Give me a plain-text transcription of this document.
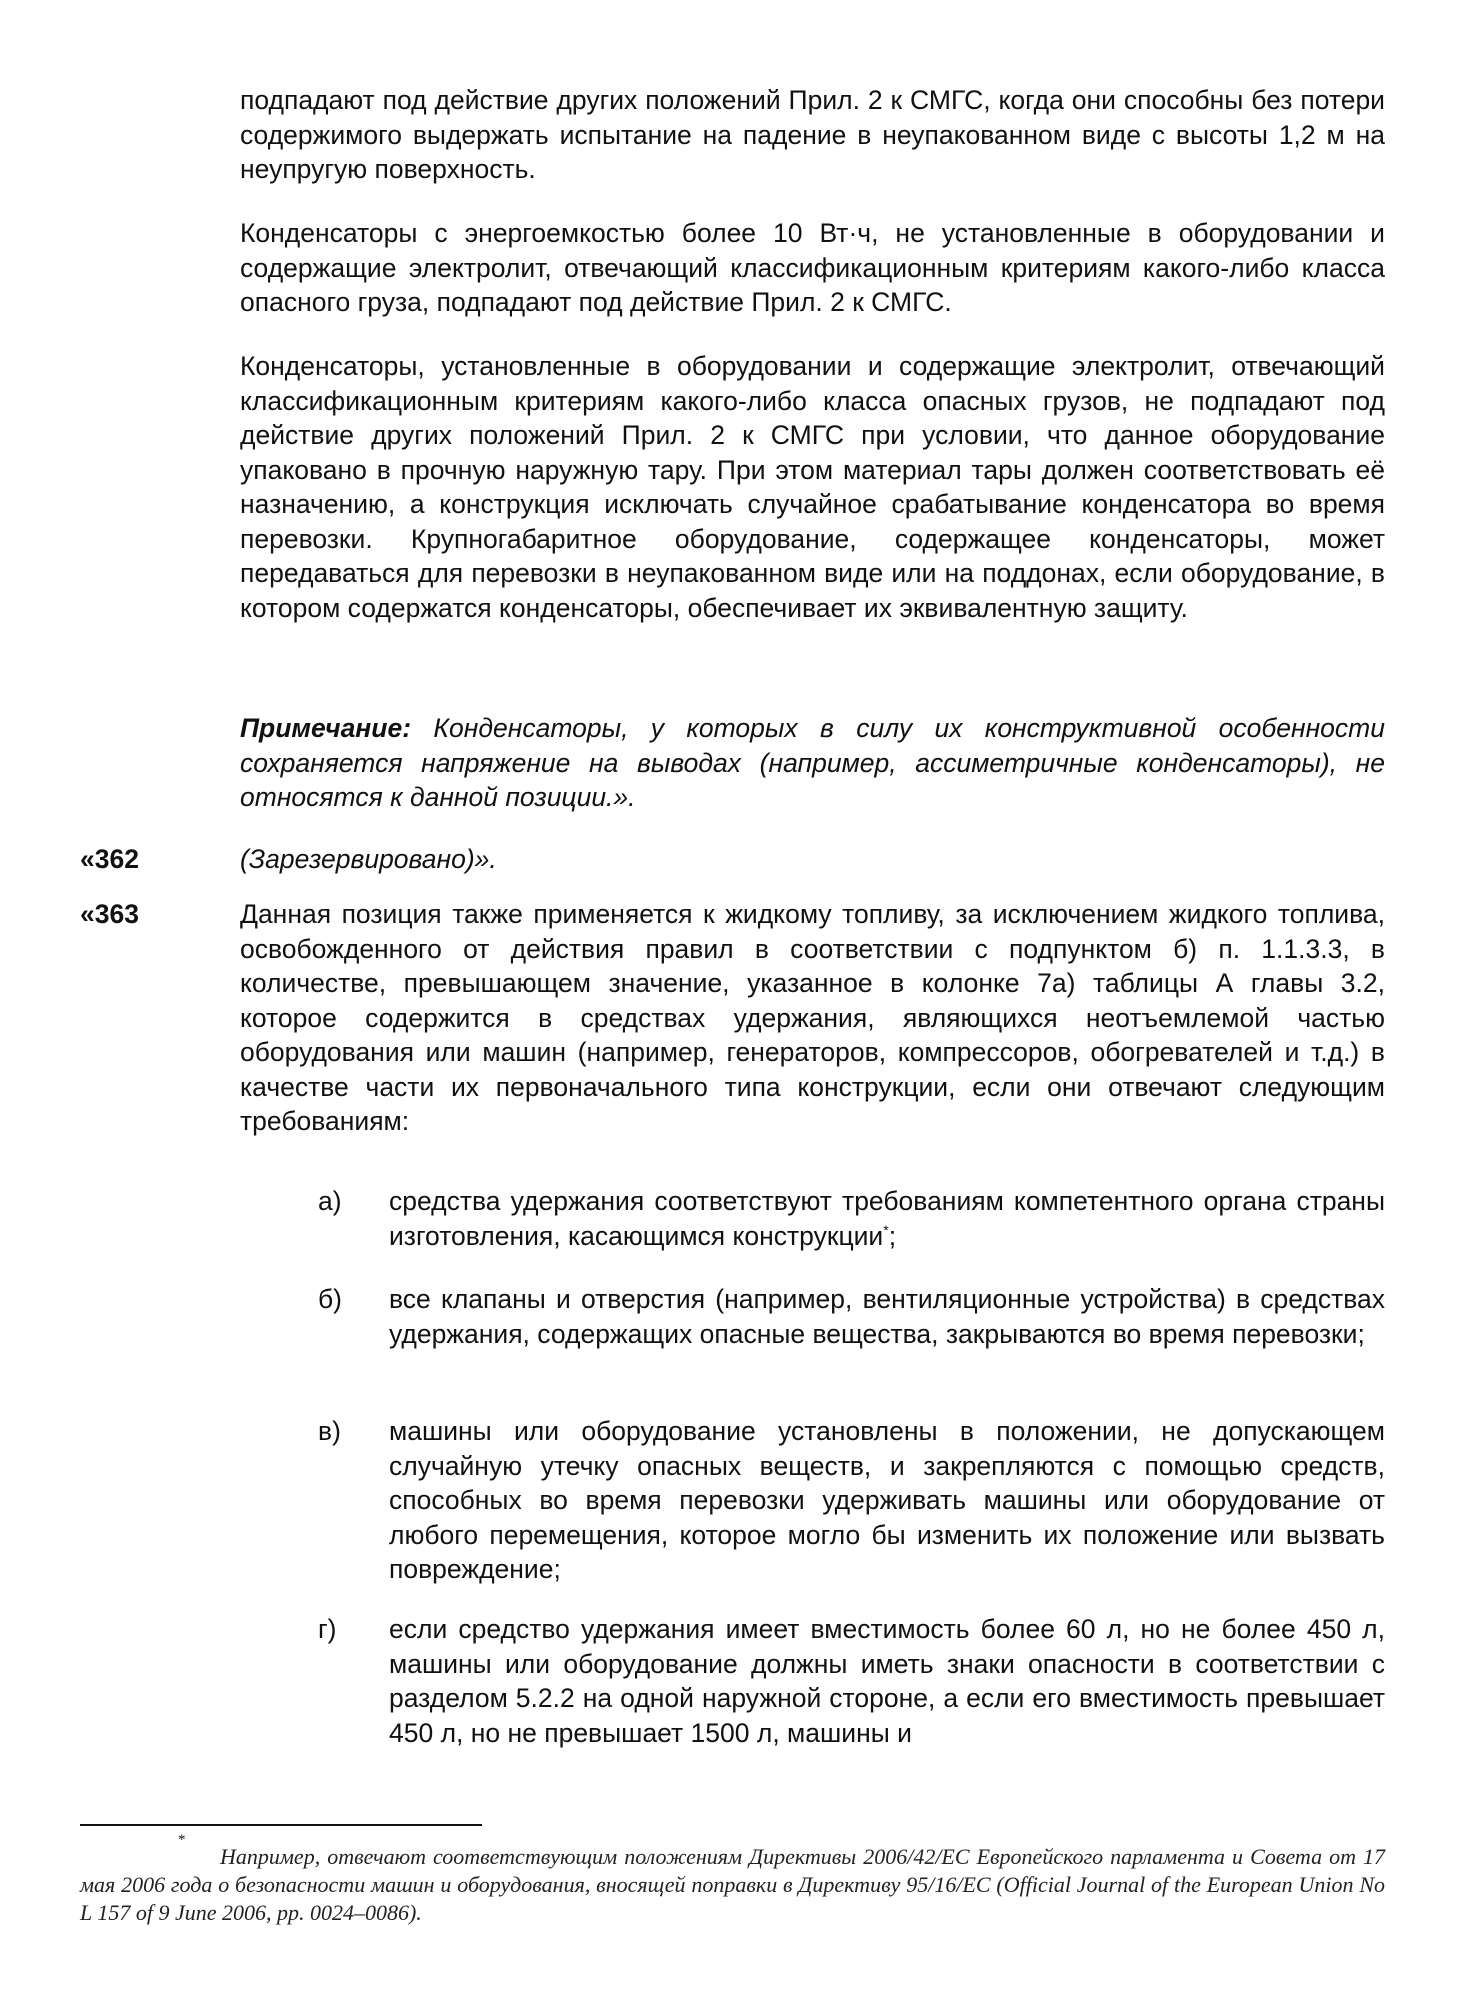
подпадают под действие других положений Прил. 2 к СМГС, когда они способны без потери содержимого выдержать испытание на падение в неупакованном виде с высоты 1,2 м на неупругую поверхность.

Конденсаторы с энергоемкостью более 10 Вт·ч, не установленные в оборудовании и содержащие электролит, отвечающий классификационным критериям какого-либо класса опасного груза, подпадают под действие Прил. 2 к СМГС.

Конденсаторы, установленные в оборудовании и содержащие электролит, отвечающий классификационным критериям какого-либо класса опасных грузов, не подпадают под действие других положений Прил. 2 к СМГС при условии, что данное оборудование упаковано в прочную наружную тару. При этом материал тары должен соответствовать её назначению, а конструкция исключать случайное срабатывание конденсатора во время перевозки. Крупногабаритное оборудование, содержащее конденсаторы, может передаваться для перевозки в неупакованном виде или на поддонах, если оборудование, в котором содержатся конденсаторы, обеспечивает их эквивалентную защиту.

Примечание: Конденсаторы, у которых в силу их конструктивной особенности сохраняется напряжение на выводах (например, ассиметричные конденсаторы), не относятся к данной позиции.».

«362	(Зарезервировано)».

«363	Данная позиция также применяется к жидкому топливу, за исключением жидкого топлива, освобожденного от действия правил в соответствии с подпунктом б) п. 1.1.3.3, в количестве, превышающем значение, указанное в колонке 7а) таблицы А главы 3.2, которое содержится в средствах удержания, являющихся неотъемлемой частью оборудования или машин (например, генераторов, компрессоров, обогревателей и т.д.) в качестве части их первоначального типа конструкции, если они отвечают следующим требованиям:

а) средства удержания соответствуют требованиям компетентного органа страны изготовления, касающимся конструкции*;

б) все клапаны и отверстия (например, вентиляционные устройства) в средствах удержания, содержащих опасные вещества, закрываются во время перевозки;

в) машины или оборудование установлены в положении, не допускающем случайную утечку опасных веществ, и закрепляются с помощью средств, способных во время перевозки удерживать машины или оборудование от любого перемещения, которое могло бы изменить их положение или вызвать повреждение;

г) если средство удержания имеет вместимость более 60 л, но не более 450 л, машины или оборудование должны иметь знаки опасности в соответствии с разделом 5.2.2 на одной наружной стороне, а если его вместимость превышает 450 л, но не превышает 1500 л, машины и

*

Например, отвечают соответствующим положениям Директивы 2006/42/ЕС Европейского парламента и Совета от 17 мая 2006 года о безопасности машин и оборудования, вносящей поправки в Директиву 95/16/ЕС (Official Journal of the European Union No L 157 of 9 June 2006, pp. 0024–0086).
